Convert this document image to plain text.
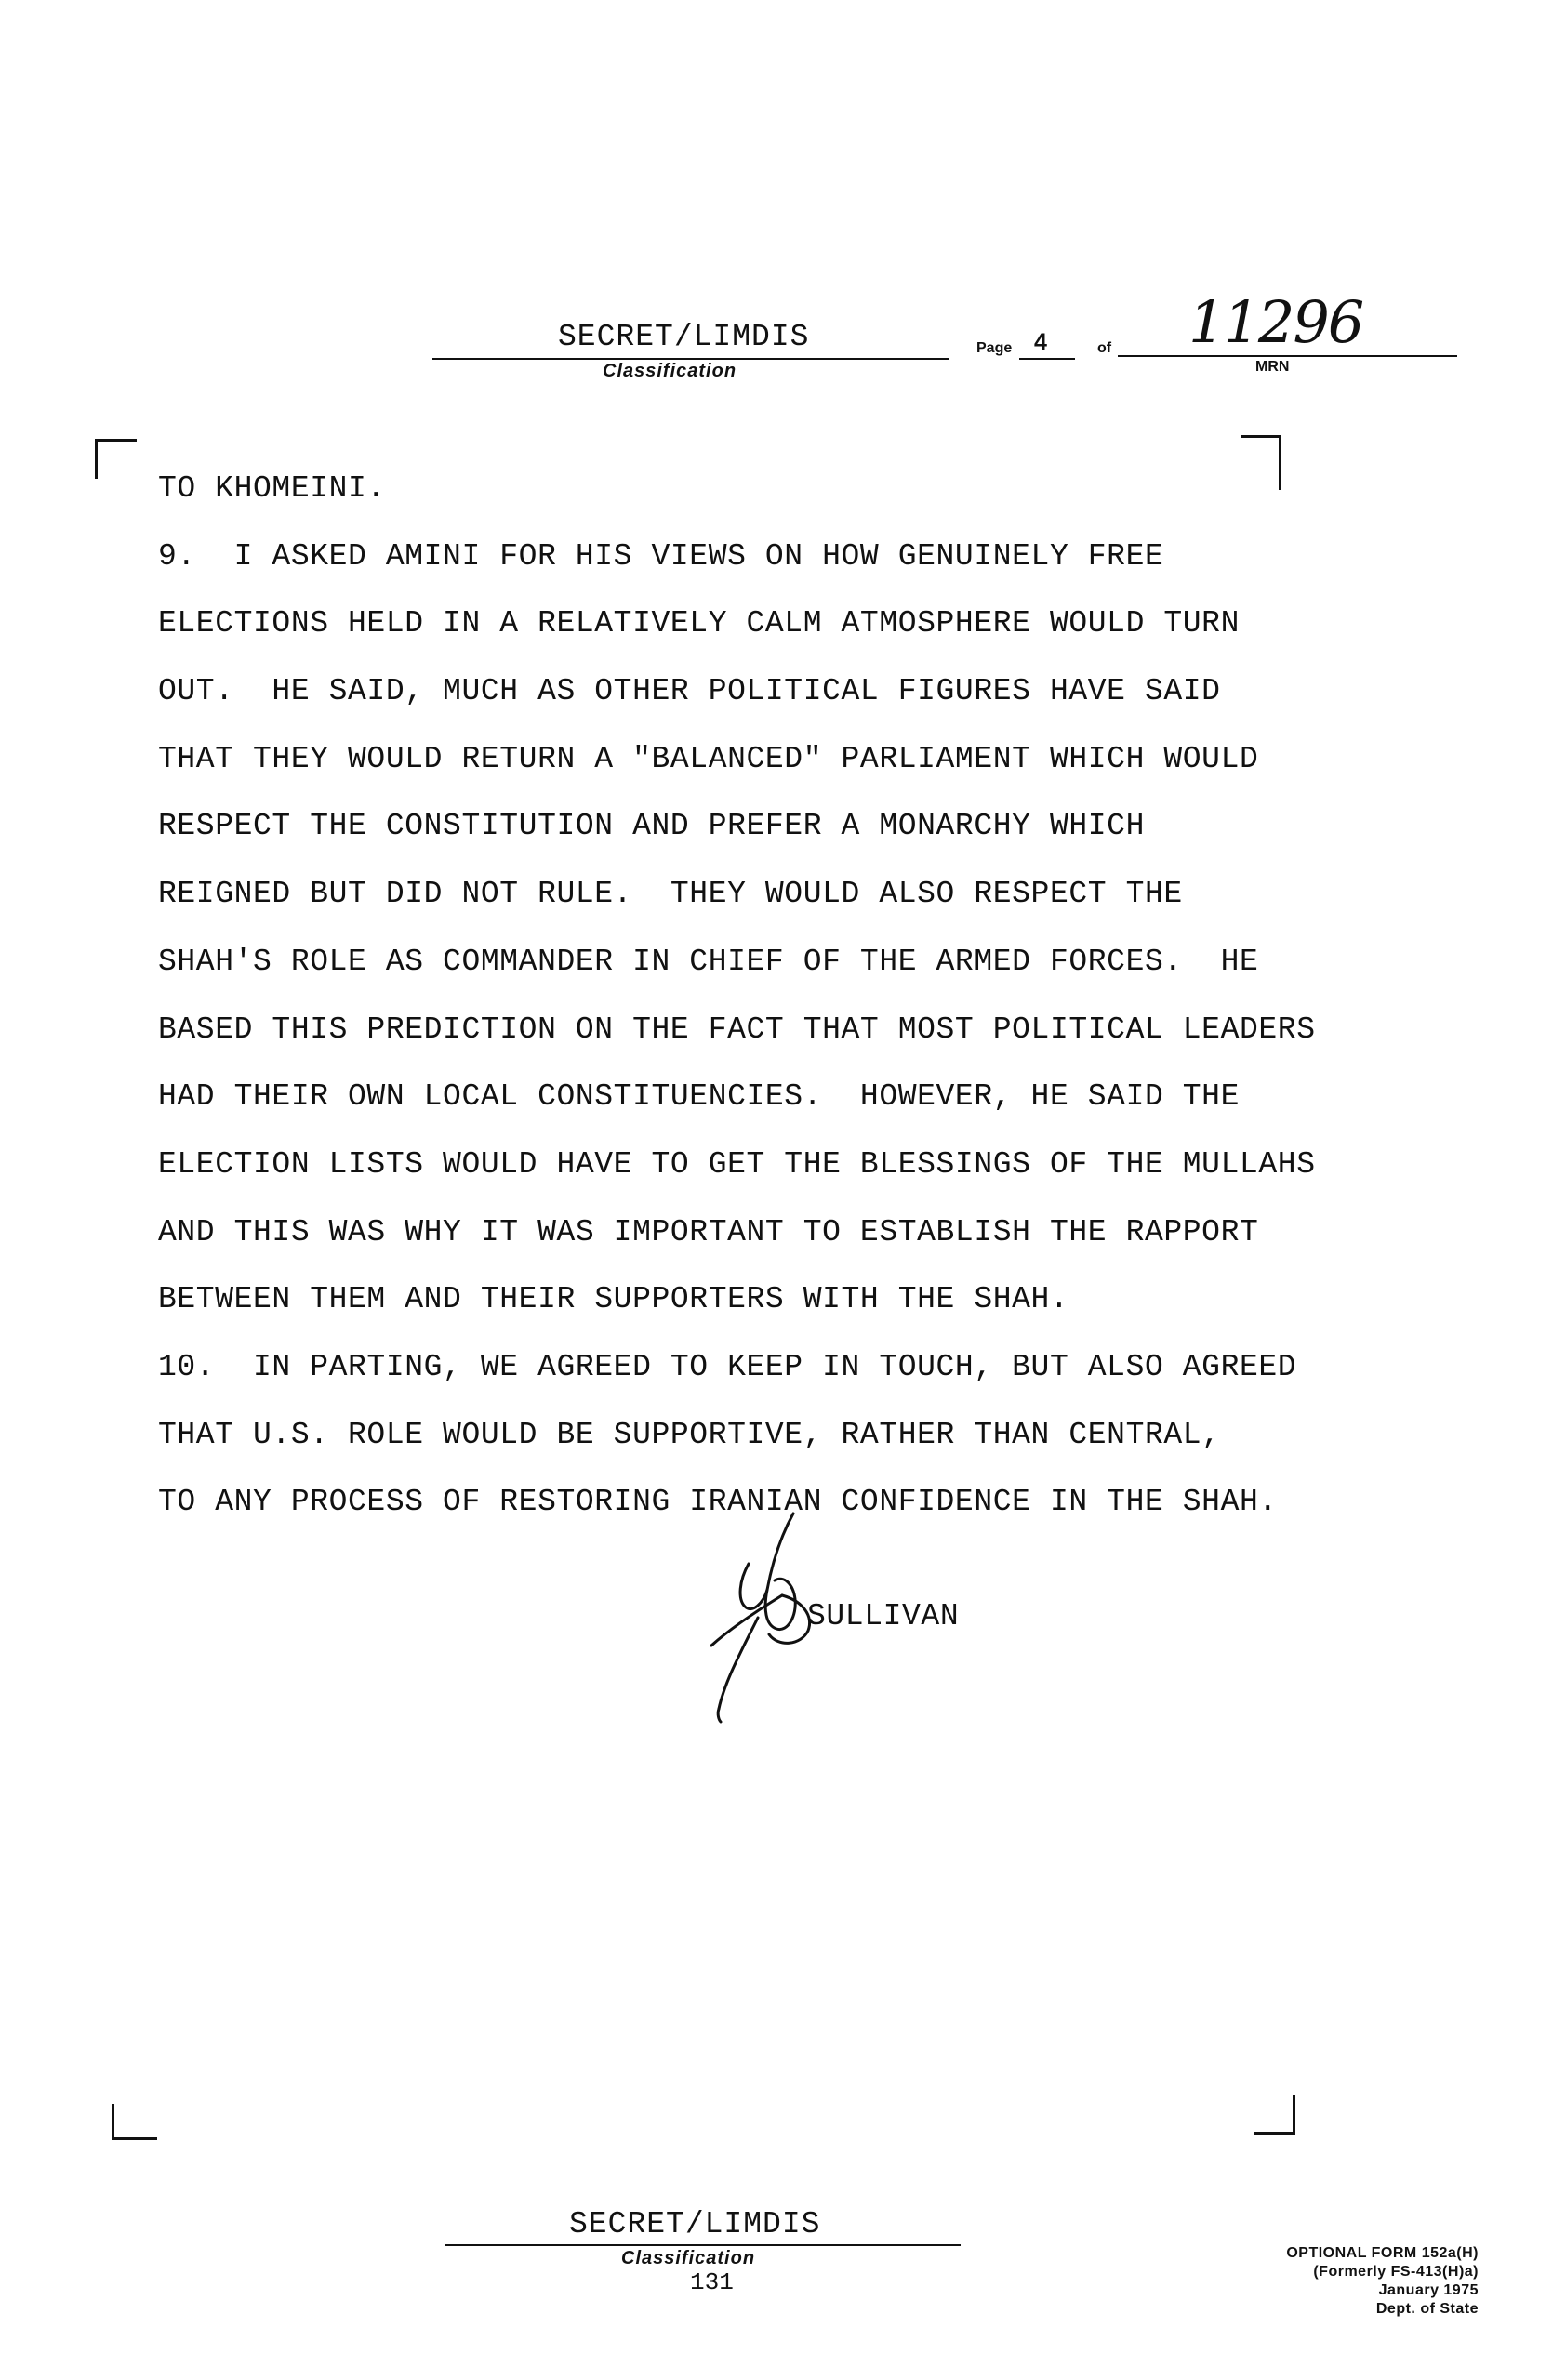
SECRET/LIMDIS
Classification
Page 4	of 11296
MRN
TO KHOMEINI.
9.  I ASKED AMINI FOR HIS VIEWS ON HOW GENUINELY FREE
ELECTIONS HELD IN A RELATIVELY CALM ATMOSPHERE WOULD TURN
OUT.  HE SAID, MUCH AS OTHER POLITICAL FIGURES HAVE SAID
THAT THEY WOULD RETURN A "BALANCED" PARLIAMENT WHICH WOULD
RESPECT THE CONSTITUTION AND PREFER A MONARCHY WHICH
REIGNED BUT DID NOT RULE.  THEY WOULD ALSO RESPECT THE
SHAH'S ROLE AS COMMANDER IN CHIEF OF THE ARMED FORCES.  HE
BASED THIS PREDICTION ON THE FACT THAT MOST POLITICAL LEADERS
HAD THEIR OWN LOCAL CONSTITUENCIES.  HOWEVER, HE SAID THE
ELECTION LISTS WOULD HAVE TO GET THE BLESSINGS OF THE MULLAHS
AND THIS WAS WHY IT WAS IMPORTANT TO ESTABLISH THE RAPPORT
BETWEEN THEM AND THEIR SUPPORTERS WITH THE SHAH.
10.  IN PARTING, WE AGREED TO KEEP IN TOUCH, BUT ALSO AGREED
THAT U.S. ROLE WOULD BE SUPPORTIVE, RATHER THAN CENTRAL,
TO ANY PROCESS OF RESTORING IRANIAN CONFIDENCE IN THE SHAH.
SULLIVAN
SECRET/LIMDIS
Classification
131
OPTIONAL FORM 152a(H)
(Formerly FS-413(H)a)
January 1975
Dept. of State
